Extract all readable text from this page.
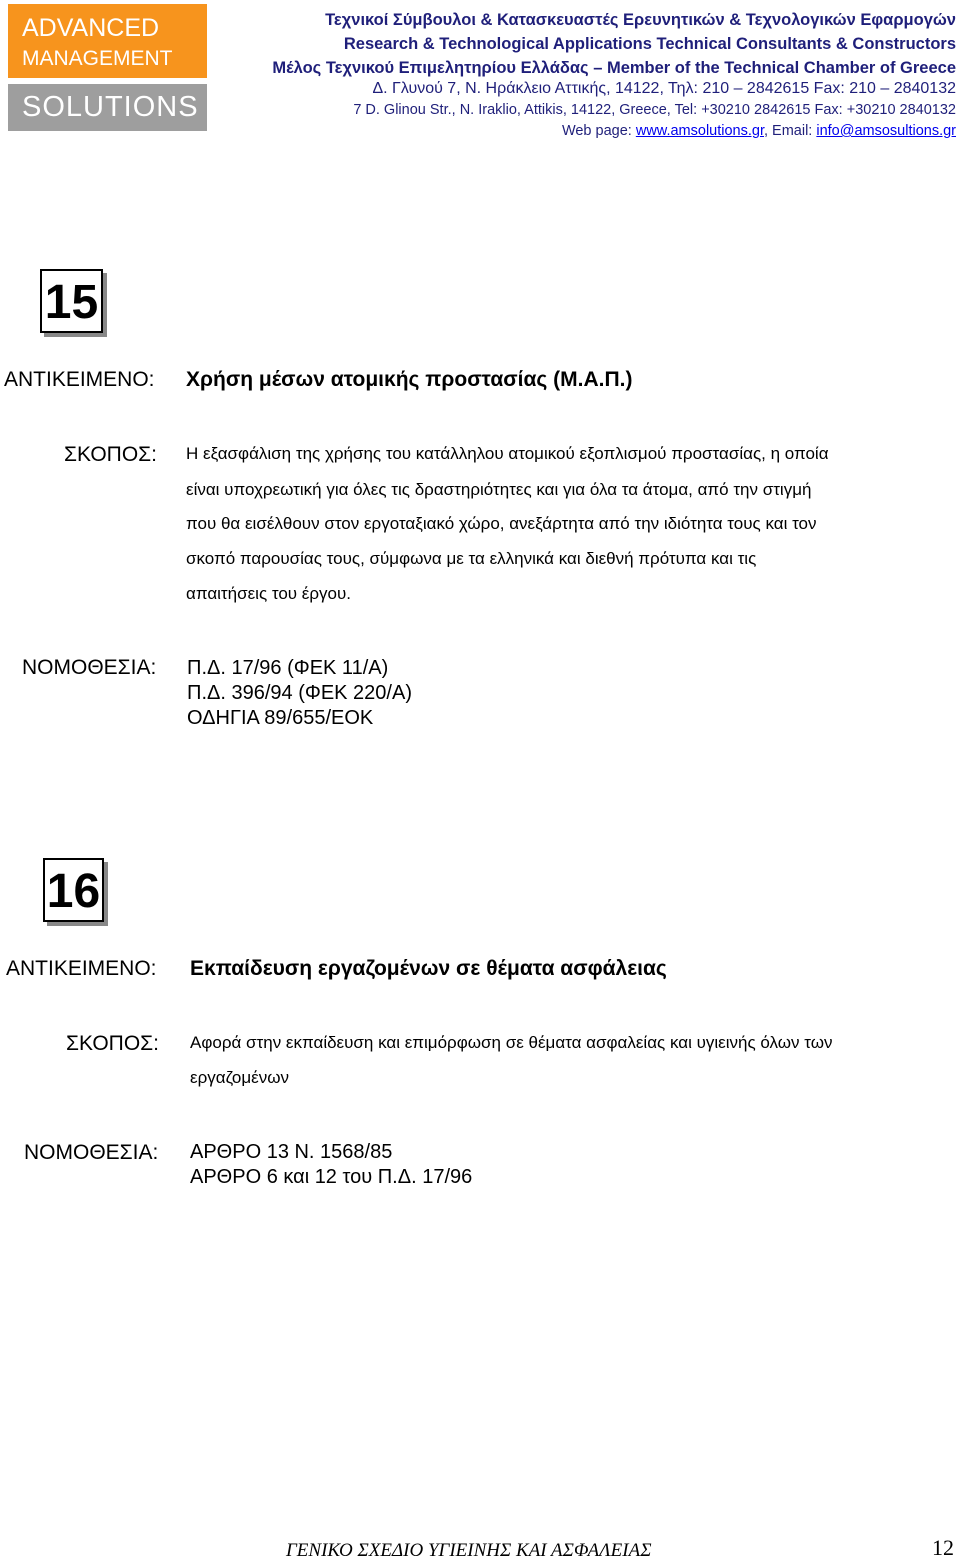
ADVANCED
MANAGEMENT
SOLUTIONS
Τεχνικοί Σύμβουλοι & Κατασκευαστές Ερευνητικών & Τεχνολογικών Εφαρμογών
Research & Technological Applications Technical Consultants & Constructors
Μέλος Τεχνικού Επιμελητηρίου Ελλάδας – Member of the Technical Chamber of Greece
Δ. Γλυνού 7, Ν. Ηράκλειο Αττικής, 14122, Τηλ: 210 – 2842615 Fax: 210 – 2840132
7 D. Glinou Str., N. Iraklio, Attikis, 14122, Greece, Tel: +30210 2842615 Fax: +30210 2840132
Web page: www.amsolutions.gr, Email: info@amsosultions.gr
15
ΑΝΤΙΚΕΙΜΕΝΟ: Χρήση μέσων ατομικής προστασίας (Μ.Α.Π.)
ΣΚΟΠΟΣ: Η εξασφάλιση της χρήσης του κατάλληλου ατομικού εξοπλισμού προστασίας, η οποία
είναι υποχρεωτική για όλες τις δραστηριότητες και για όλα τα άτομα, από την στιγμή
που θα εισέλθουν στον εργοταξιακό χώρο, ανεξάρτητα από την ιδιότητα τους και τον
σκοπό παρουσίας τους, σύμφωνα με τα ελληνικά και διεθνή πρότυπα και τις
απαιτήσεις του έργου.
ΝΟΜΟΘΕΣΙΑ: Π.Δ. 17/96 (ΦΕΚ 11/Α)
Π.Δ. 396/94 (ΦΕΚ 220/Α)
ΟΔΗΓΙΑ 89/655/ΕΟΚ
16
ΑΝΤΙΚΕΙΜΕΝΟ: Εκπαίδευση εργαζομένων σε θέματα ασφάλειας
ΣΚΟΠΟΣ: Αφορά στην εκπαίδευση και επιμόρφωση σε θέματα ασφαλείας και υγιεινής όλων των
εργαζομένων
ΝΟΜΟΘΕΣΙΑ: ΑΡΘΡΟ 13 Ν. 1568/85
ΑΡΘΡΟ 6 και 12 του Π.Δ. 17/96
ΓΕΝΙΚΟ ΣΧΕΔΙΟ ΥΓΙΕΙΝΗΣ ΚΑΙ ΑΣΦΑΛΕΙΑΣ	12
